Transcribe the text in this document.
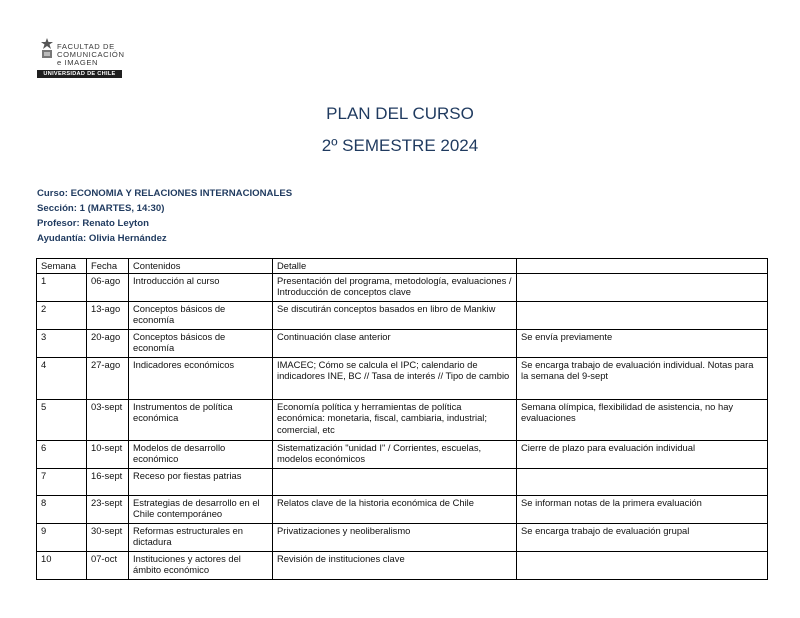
FACULTAD DE
COMUNICACIÓN
e IMAGEN
UNIVERSIDAD DE CHILE
PLAN DEL CURSO
2º SEMESTRE 2024
Curso: ECONOMIA Y RELACIONES INTERNACIONALES
Sección: 1 (MARTES, 14:30)
Profesor: Renato Leyton
Ayudantía: Olivia Hernández
Semana	Fecha	Contenidos	Detalle	
1	06-ago	Introducción al curso	Presentación del programa, metodología, evaluaciones / Introducción de conceptos clave	
2	13-ago	Conceptos básicos de economía	Se discutirán conceptos basados en libro de Mankiw	
3	20-ago	Conceptos básicos de economía	Continuación clase anterior	Se envía previamente
4	27-ago	Indicadores económicos	IMACEC; Cómo se calcula el IPC; calendario de indicadores INE, BC // Tasa de interés // Tipo de cambio	Se encarga trabajo de evaluación individual. Notas para la semana del 9-sept
5	03-sept	Instrumentos de política económica	Economía política y herramientas de política económica: monetaria, fiscal, cambiaria, industrial; comercial, etc	Semana olímpica, flexibilidad de asistencia, no hay evaluaciones
6	10-sept	Modelos de desarrollo económico	Sistematización "unidad I" / Corrientes, escuelas, modelos económicos	Cierre de plazo para evaluación individual
7	16-sept	Receso por fiestas patrias		
8	23-sept	Estrategias de desarrollo en el Chile contemporáneo	Relatos clave de la historia económica de Chile	Se informan notas de la primera evaluación
9	30-sept	Reformas estructurales en dictadura	Privatizaciones y neoliberalismo	Se encarga trabajo de evaluación grupal
10	07-oct	Instituciones y actores del ámbito económico	Revisión de instituciones clave	
